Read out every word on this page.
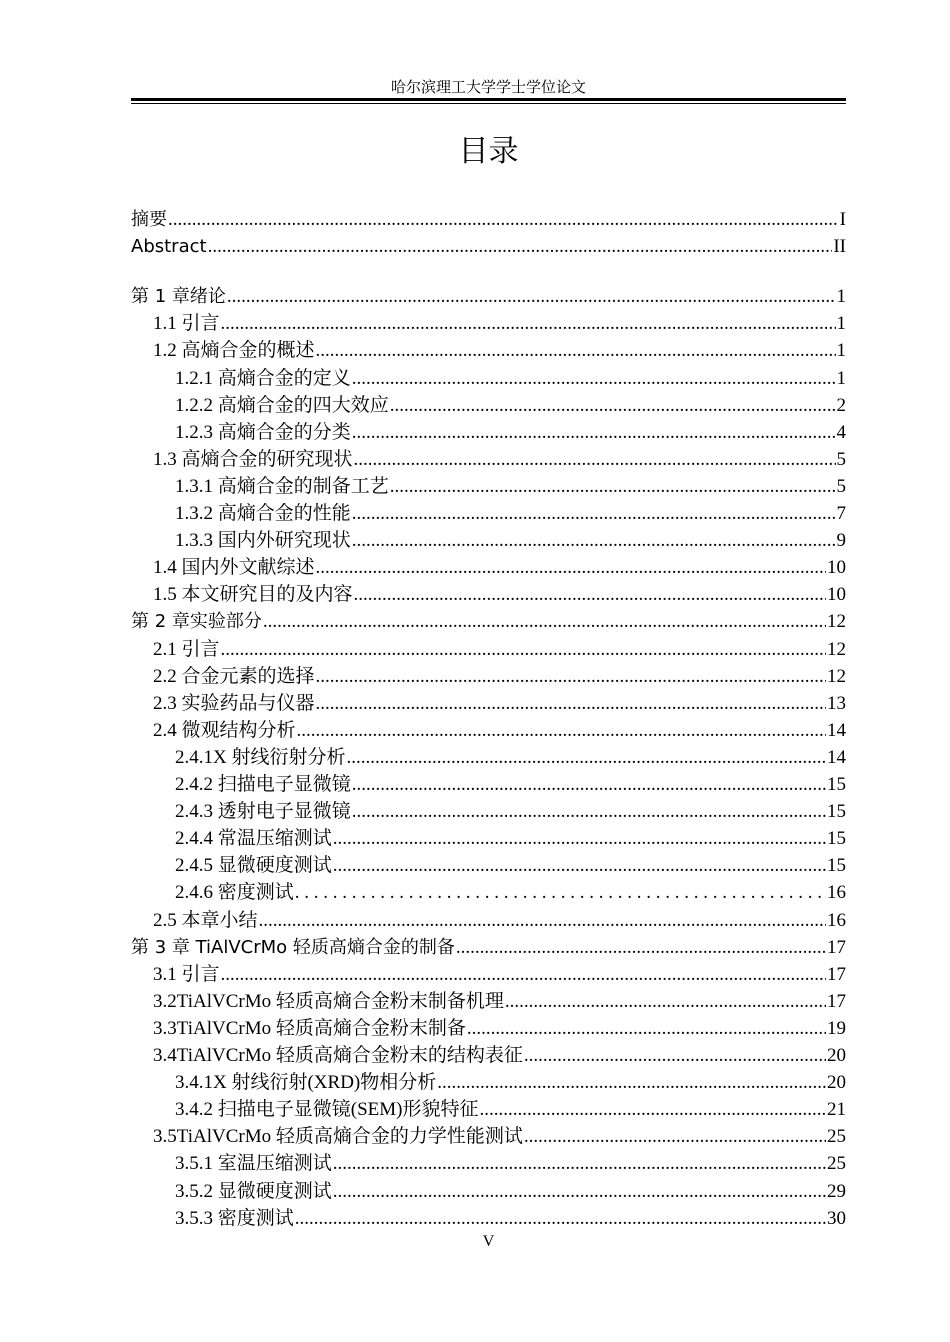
哈尔滨理工大学学士学位论文
目录
摘要 .....	I
Abstract .....	II
第 1 章绪论 .....	1
1.1 引言 .....	1
1.2 高熵合金的概述 .....	1
1.2.1 高熵合金的定义 .....	1
1.2.2 高熵合金的四大效应 .....	2
1.2.3 高熵合金的分类 .....	4
1.3 高熵合金的研究现状 .....	5
1.3.1 高熵合金的制备工艺 .....	5
1.3.2 高熵合金的性能 .....	7
1.3.3 国内外研究现状 .....	9
1.4 国内外文献综述 .....	10
1.5 本文研究目的及内容 .....	10
第 2 章实验部分 .....	12
2.1 引言 .....	12
2.2 合金元素的选择 .....	12
2.3 实验药品与仪器 .....	13
2.4 微观结构分析 .....	14
2.4.1X 射线衍射分析 .....	14
2.4.2 扫描电子显微镜 .....	15
2.4.3 透射电子显微镜 .....	15
2.4.4 常温压缩测试 .....	15
2.4.5 显微硬度测试 .....	15
2.4.6 密度测试 . . .	16
2.5 本章小结 .....	16
第 3 章 TiAlVCrMo 轻质高熵合金的制备 .....	17
3.1 引言 .....	17
3.2TiAlVCrMo 轻质高熵合金粉末制备机理 .....	17
3.3TiAlVCrMo 轻质高熵合金粉末制备 .....	19
3.4TiAlVCrMo 轻质高熵合金粉末的结构表征 .....	20
3.4.1X 射线衍射(XRD)物相分析 .....	20
3.4.2 扫描电子显微镜(SEM)形貌特征 .....	21
3.5TiAlVCrMo 轻质高熵合金的力学性能测试 .....	25
3.5.1 室温压缩测试 .....	25
3.5.2 显微硬度测试 .....	29
3.5.3 密度测试 .....	30
V
